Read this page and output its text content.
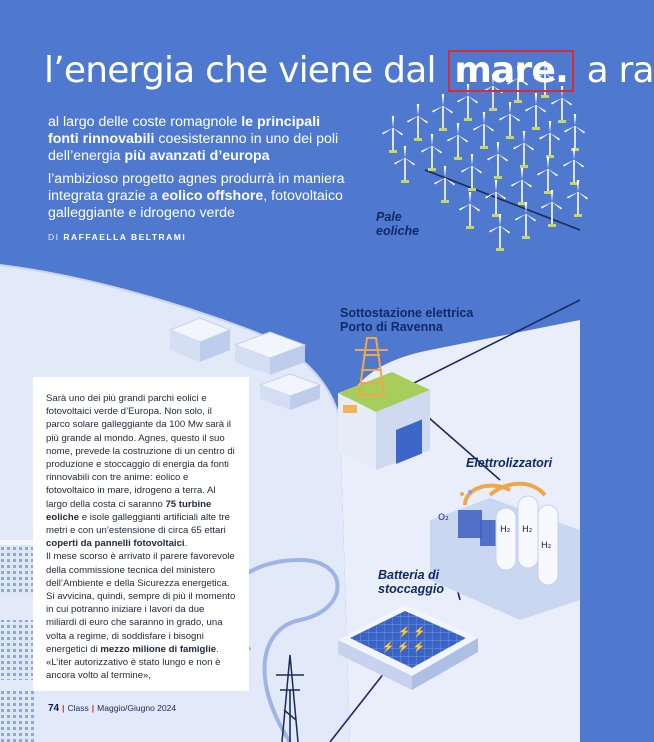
O₂
H₂ H₂
H₂
⚡ ⚡
⚡ ⚡ ⚡
l’energia che viene dal mare. a ra

al largo delle coste romagnole le principali fonti rinnovabili coesisteranno in uno dei poli dell’energia più avanzati d’europa

l’ambizioso progetto agnes produrrà in maniera integrata grazie a eolico offshore, fotovoltaico galleggiante e idrogeno verde

DI RAFFAELLA BELTRAMI
Pale
eoliche
Sottostazione elettrica
Porto di Ravenna
Elettrolizzatori
Batteria di
stoccaggio
Sarà uno dei più grandi parchi eolici e fotovoltaici verde d’Europa. Non solo, il parco solare galleggiante da 100 Mw sarà il più grande al mondo. Agnes, questo il suo nome, prevede la costruzione di un centro di produzione e stoccaggio di energia da fonti rinnovabili con tre anime: eolico e fotovoltaico in mare, idrogeno a terra. Al largo della costa ci saranno 75 turbine eoliche e isole galleggianti artificiali alte tre metri e con un’estensione di circa 65 ettari coperti da pannelli fotovoltaici.
Il mese scorso è arrivato il parere favorevole della commissione tecnica del ministero dell’Ambiente e della Sicurezza energetica. Si avvicina, quindi, sempre di più il momento in cui potranno iniziare i lavori da due miliardi di euro che saranno in grado, una volta a regime, di soddisfare i bisogni energetici di mezzo milione di famiglie. «L’iter autorizzativo è stato lungo e non è ancora volto al termine»,
74 | Class | Maggio/Giugno 2024
